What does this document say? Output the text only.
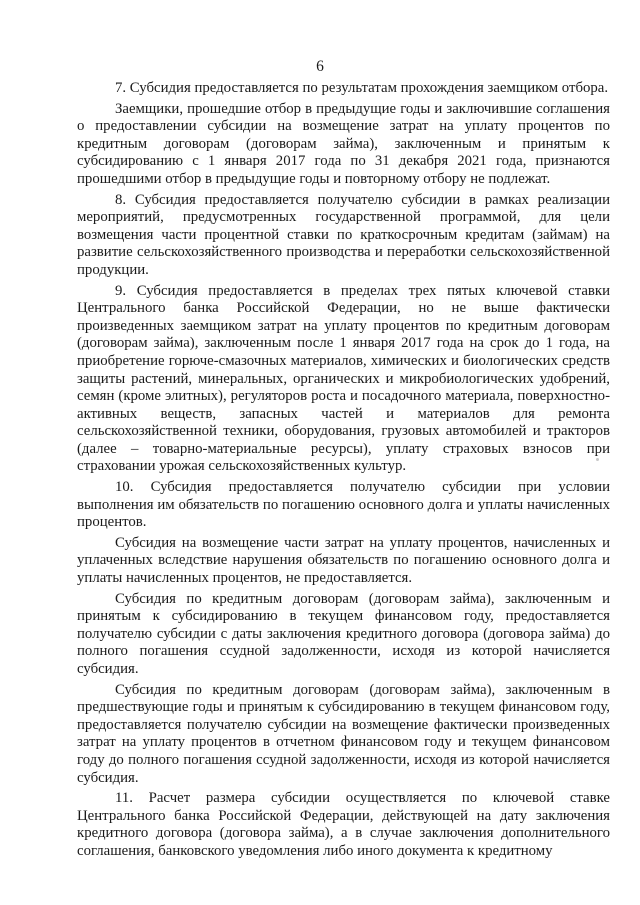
6

7. Субсидия предоставляется по результатам прохождения заемщиком отбора.

Заемщики, прошедшие отбор в предыдущие годы и заключившие соглашения о предоставлении субсидии на возмещение затрат на уплату процентов по кредитным договорам (договорам займа), заключенным и принятым к субсидированию с 1 января 2017 года по 31 декабря 2021 года, признаются прошедшими отбор в предыдущие годы и повторному отбору не подлежат.

8. Субсидия предоставляется получателю субсидии в рамках реализации мероприятий, предусмотренных государственной программой, для цели возмещения части процентной ставки по краткосрочным кредитам (займам) на развитие сельскохозяйственного производства и переработки сельскохозяйственной продукции.

9. Субсидия предоставляется в пределах трех пятых ключевой ставки Центрального банка Российской Федерации, но не выше фактически произведенных заемщиком затрат на уплату процентов по кредитным договорам (договорам займа), заключенным после 1 января 2017 года на срок до 1 года, на приобретение горюче-смазочных материалов, химических и биологических средств защиты растений, минеральных, органических и микробиологических удобрений, семян (кроме элитных), регуляторов роста и посадочного материала, поверхностно-активных веществ, запасных частей и материалов для ремонта сельскохозяйственной техники, оборудования, грузовых автомобилей и тракторов (далее – товарно-материальные ресурсы), уплату страховых взносов при страховании урожая сельскохозяйственных культур.

10. Субсидия предоставляется получателю субсидии при условии выполнения им обязательств по погашению основного долга и уплаты начисленных процентов.

Субсидия на возмещение части затрат на уплату процентов, начисленных и уплаченных вследствие нарушения обязательств по погашению основного долга и уплаты начисленных процентов, не предоставляется.

Субсидия по кредитным договорам (договорам займа), заключенным и принятым к субсидированию в текущем финансовом году, предоставляется получателю субсидии с даты заключения кредитного договора (договора займа) до полного погашения ссудной задолженности, исходя из которой начисляется субсидия.

Субсидия по кредитным договорам (договорам займа), заключенным в предшествующие годы и принятым к субсидированию в текущем финансовом году, предоставляется получателю субсидии на возмещение фактически произведенных затрат на уплату процентов в отчетном финансовом году и текущем финансовом году до полного погашения ссудной задолженности, исходя из которой начисляется субсидия.

11. Расчет размера субсидии осуществляется по ключевой ставке Центрального банка Российской Федерации, действующей на дату заключения кредитного договора (договора займа), а в случае заключения дополнительного соглашения, банковского уведомления либо иного документа к кредитному
